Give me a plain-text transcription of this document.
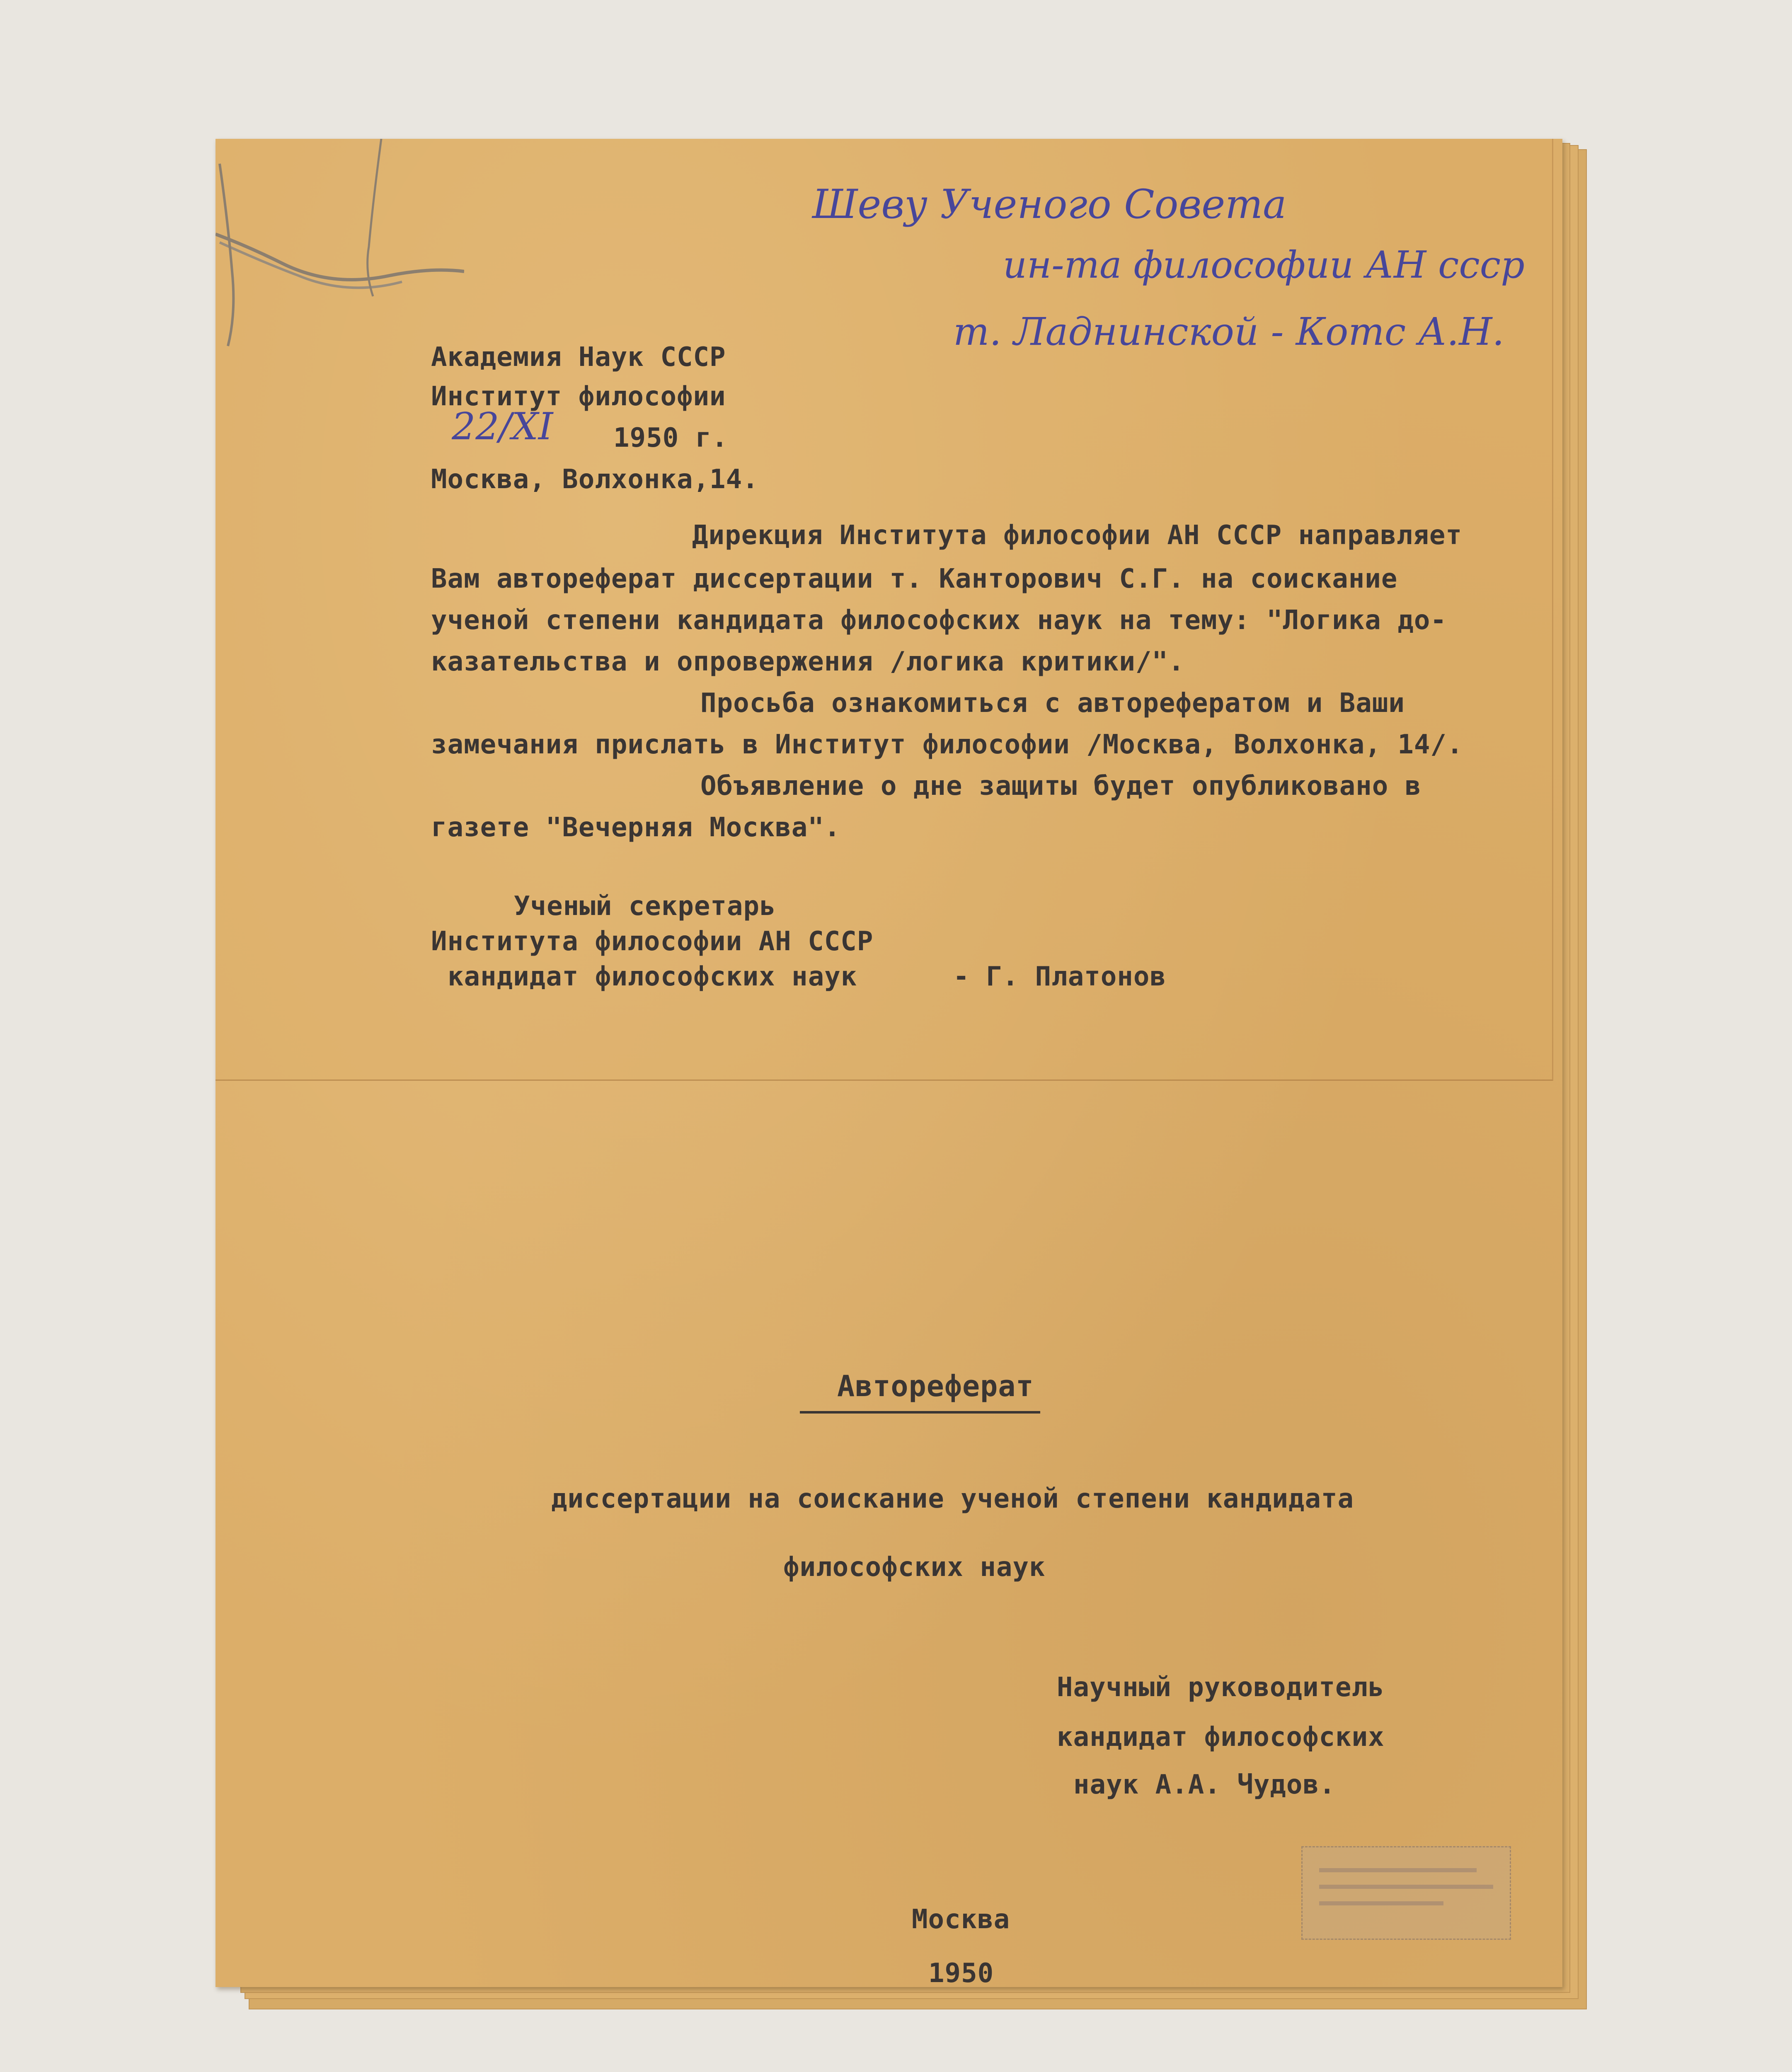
Шеву Ученого Совета
ин-та философии АН ссср
т. Ладнинской - Котс А.Н.
Академия Наук СССР
Институт философии
22/XI 1950 г.
Москва, Волхонка,14.
Дирекция Института философии АН СССР направляет
Вам автореферат диссертации т. Канторович С.Г. на соискание
ученой степени кандидата философских наук на тему: "Логика до-
казательства и опровержения /логика критики/".
Просьба ознакомиться с авторефератом и Ваши
замечания прислать в Институт философии /Москва, Волхонка, 14/.
Объявление о дне защиты будет опубликовано в
газете "Вечерняя Москва".
Ученый секретарь
Института философии АН СССР
кандидат философских наук	- Г. Платонов
Автореферат
диссертации на соискание ученой степени кандидата
философских наук
Научный руководитель
кандидат философских
наук А.А. Чудов.
Москва
1950
